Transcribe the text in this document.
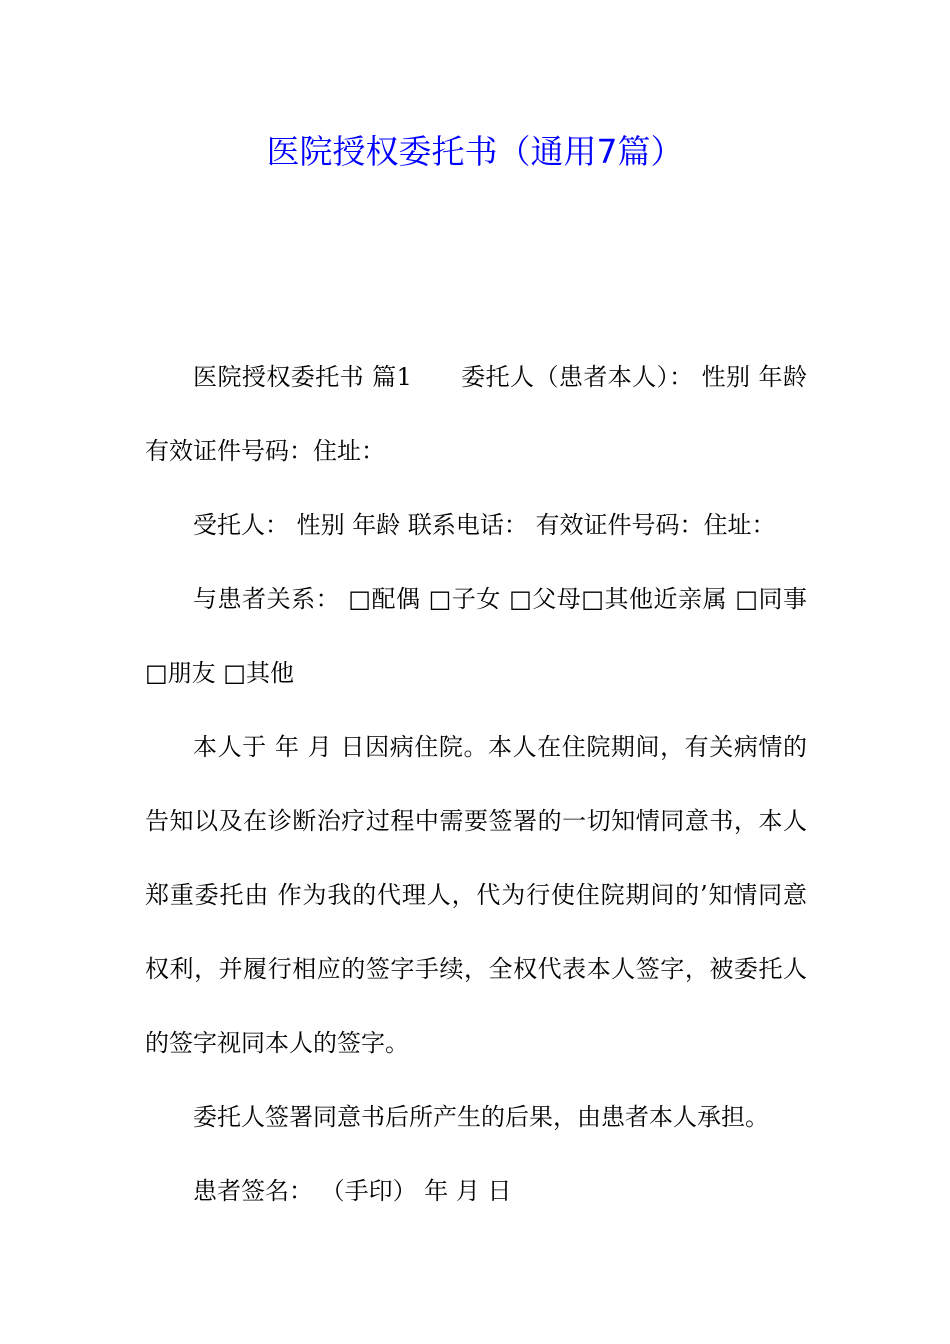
医院授权委托书（通用7篇）

医院授权委托书 篇1　　委托人（患者本人）： 性别 年龄 有效证件号码：住址：

受托人： 性别 年龄 联系电话： 有效证件号码：住址：

与患者关系： □配偶 □子女 □父母□其他近亲属 □同事 □朋友 □其他

本人于 年 月 日因病住院。本人在住院期间，有关病情的告知以及在诊断治疗过程中需要签署的一切知情同意书，本人郑重委托由 作为我的代理人，代为行使住院期间的’知情同意权利，并履行相应的签字手续，全权代表本人签字，被委托人的签字视同本人的签字。

委托人签署同意书后所产生的后果，由患者本人承担。

患者签名： （手印） 年 月 日
